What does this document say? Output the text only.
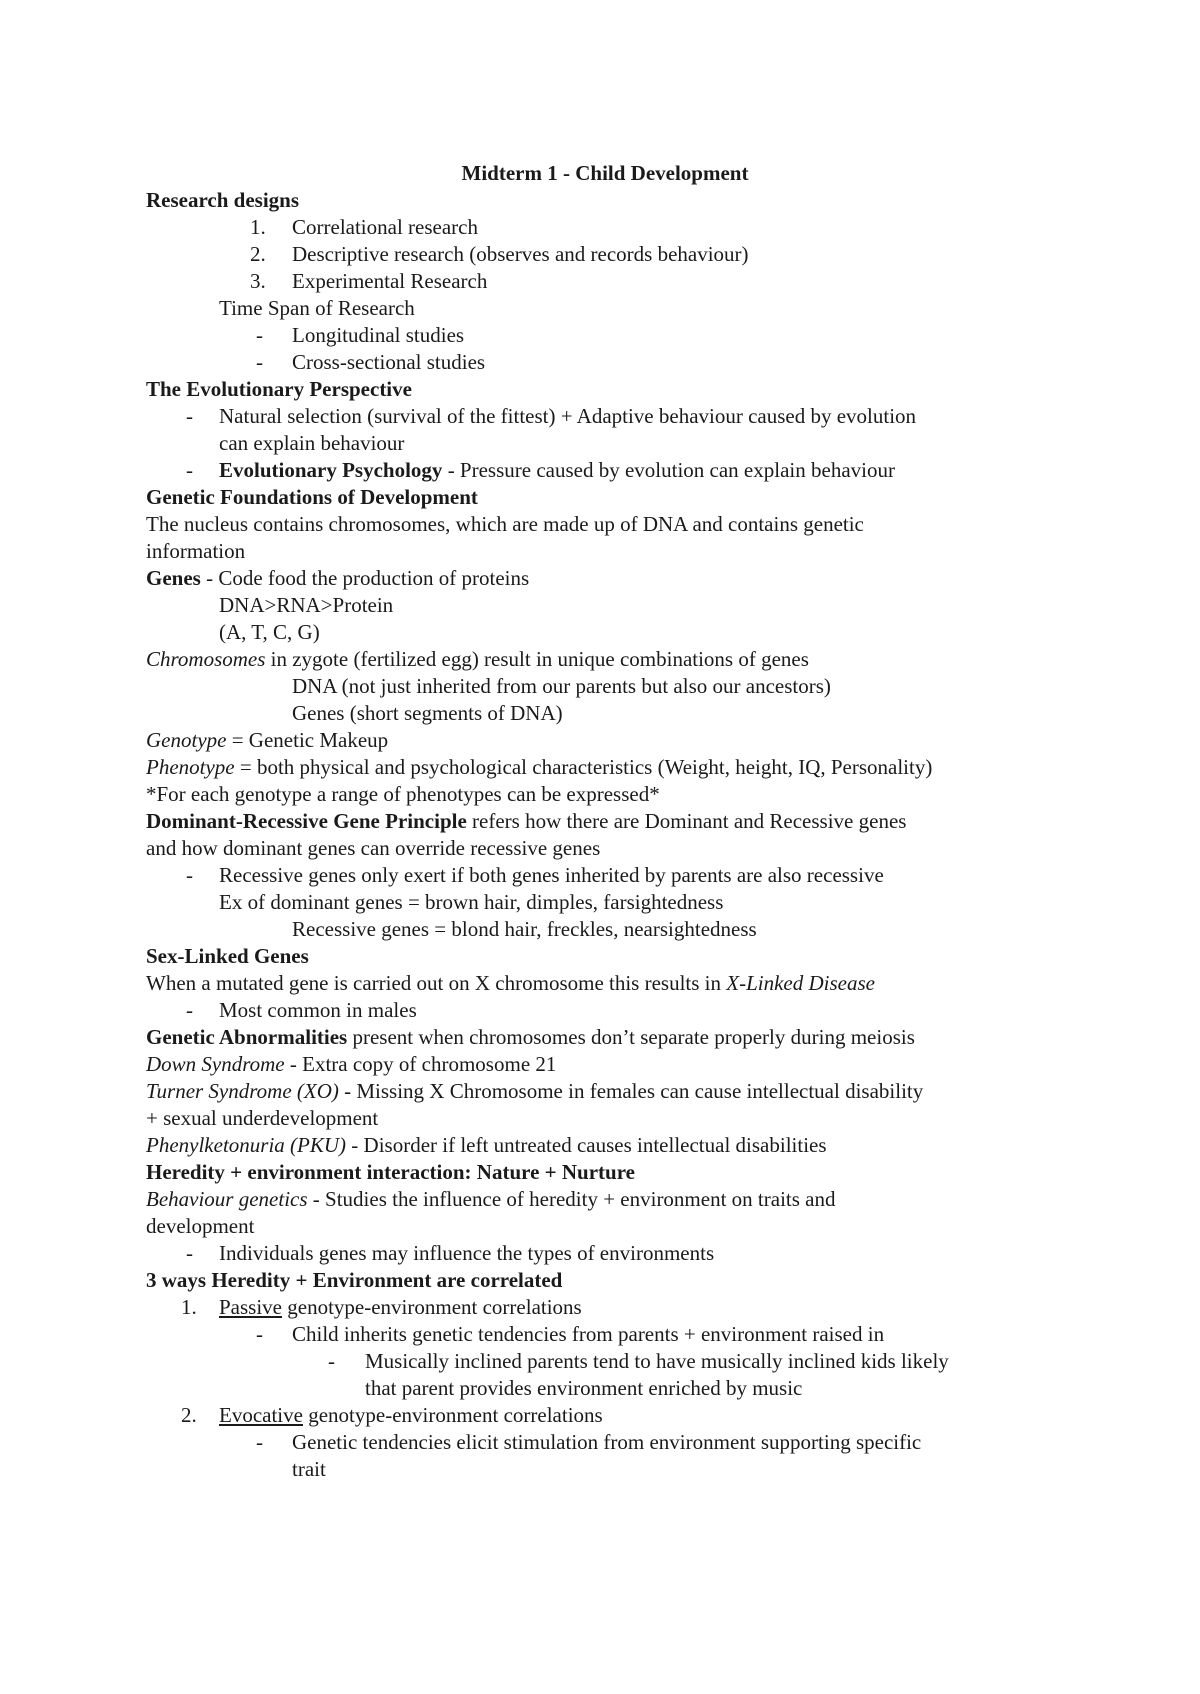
Midterm 1 - Child Development
Research designs
1. Correlational research
2. Descriptive research (observes and records behaviour)
3. Experimental Research
Time Span of Research
- Longitudinal studies
- Cross-sectional studies
The Evolutionary Perspective
- Natural selection (survival of the fittest) + Adaptive behaviour caused by evolution
can explain behaviour
- Evolutionary Psychology - Pressure caused by evolution can explain behaviour
Genetic Foundations of Development
The nucleus contains chromosomes, which are made up of DNA and contains genetic
information
Genes - Code food the production of proteins
DNA>RNA>Protein
(A, T, C, G)
Chromosomes in zygote (fertilized egg) result in unique combinations of genes
DNA (not just inherited from our parents but also our ancestors)
Genes (short segments of DNA)
Genotype = Genetic Makeup
Phenotype = both physical and psychological characteristics (Weight, height, IQ, Personality)
*For each genotype a range of phenotypes can be expressed*
Dominant-Recessive Gene Principle refers how there are Dominant and Recessive genes
and how dominant genes can override recessive genes
- Recessive genes only exert if both genes inherited by parents are also recessive
Ex of dominant genes = brown hair, dimples, farsightedness
Recessive genes = blond hair, freckles, nearsightedness
Sex-Linked Genes
When a mutated gene is carried out on X chromosome this results in X-Linked Disease
- Most common in males
Genetic Abnormalities present when chromosomes don’t separate properly during meiosis
Down Syndrome - Extra copy of chromosome 21
Turner Syndrome (XO) - Missing X Chromosome in females can cause intellectual disability
+ sexual underdevelopment
Phenylketonuria (PKU) - Disorder if left untreated causes intellectual disabilities
Heredity + environment interaction: Nature + Nurture
Behaviour genetics - Studies the influence of heredity + environment on traits and
development
- Individuals genes may influence the types of environments
3 ways Heredity + Environment are correlated
1. Passive genotype-environment correlations
- Child inherits genetic tendencies from parents + environment raised in
- Musically inclined parents tend to have musically inclined kids likely
that parent provides environment enriched by music
2. Evocative genotype-environment correlations
- Genetic tendencies elicit stimulation from environment supporting specific
trait
